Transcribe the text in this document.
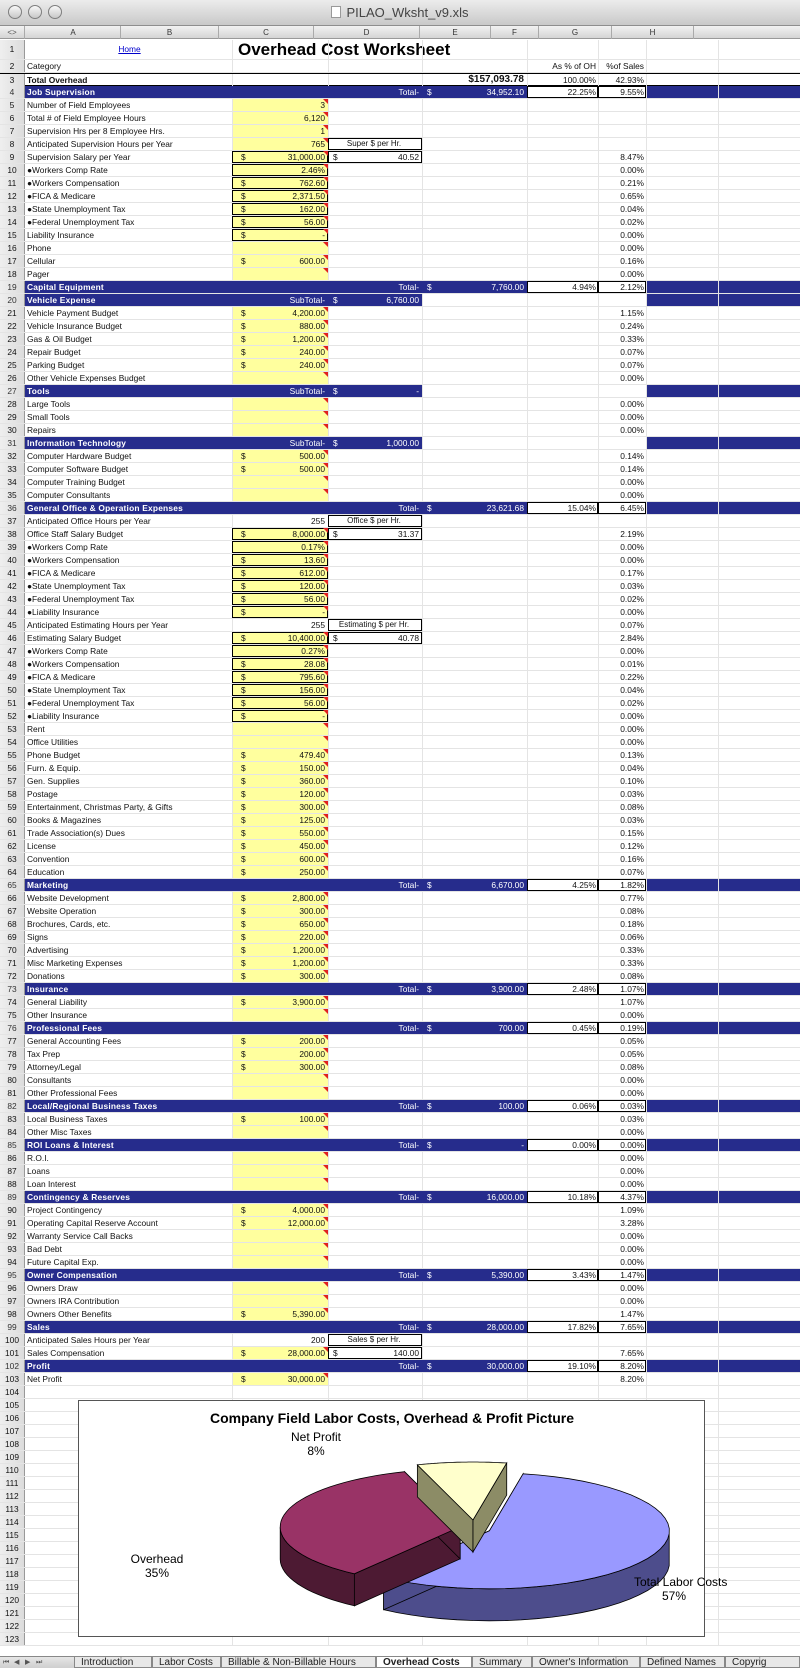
PILAO_Wksht_v9.xls
<>	A	B	C	D	E	F	G	H
1	Home	Overhead Cost Worksheet
2	Category	As % of OH	%of Sales
3	Total Overhead	$157,093.78	100.00%	42.93%
4	Job Supervision	Total- $	34,952.10	22.25%	9.55%
5	Number of Field Employees	3
6	Total # of Field Employee Hours	6,120
7	Supervision Hrs per 8 Employee Hrs.	1
8	Anticipated Supervision Hours per Year	765	Super $ per Hr.
9	Supervision Salary per Year	$	31,000.00 $	40.52	8.47%
10	●Workers Comp Rate	2.46%	0.00%
11	●Workers Compensation	$	762.60	0.21%
12	●FICA & Medicare	$	2,371.50	0.65%
13	●State Unemployment Tax	$	162.00	0.04%
14	●Federal Unemployment Tax	$	56.00	0.02%
15	Liability Insurance	$	-	0.00%
16	Phone	0.00%
17	Cellular	$	600.00	0.16%
18	Pager	0.00%
19	Capital Equipment	Total- $	7,760.00	4.94%	2.12%
20	Vehicle Expense	SubTotal- $	6,760.00
21	Vehicle Payment Budget	$	4,200.00	1.15%
22	Vehicle Insurance Budget	$	880.00	0.24%
23	Gas & Oil Budget	$	1,200.00	0.33%
24	Repair Budget	$	240.00	0.07%
25	Parking Budget	$	240.00	0.07%
26	Other Vehicle Expenses Budget	0.00%
27	Tools	SubTotal- $	-
28	Large Tools	0.00%
29	Small Tools	0.00%
30	Repairs	0.00%
31	Information Technology	SubTotal- $	1,000.00
32	Computer Hardware Budget	$	500.00	0.14%
33	Computer Software Budget	$	500.00	0.14%
34	Computer Training Budget	0.00%
35	Computer Consultants	0.00%
36	General Office & Operation Expenses	Total- $	23,621.68	15.04%	6.45%
37	Anticipated Office Hours per Year	255	Office $ per Hr.
38	Office Staff Salary Budget	$	8,000.00 $	31.37	2.19%
39	●Workers Comp Rate	0.17%	0.00%
40	●Workers Compensation	$	13.60	0.00%
41	●FICA & Medicare	$	612.00	0.17%
42	●State Unemployment Tax	$	120.00	0.03%
43	●Federal Unemployment Tax	$	56.00	0.02%
44	●Liability Insurance	$	-	0.00%
45	Anticipated Estimating Hours per Year	255	Estimating $ per Hr.	0.07%
46	Estimating Salary Budget	$	10,400.00 $	40.78	2.84%
47	●Workers Comp Rate	0.27%	0.00%
48	●Workers Compensation	$	28.08	0.01%
49	●FICA & Medicare	$	795.60	0.22%
50	●State Unemployment Tax	$	156.00	0.04%
51	●Federal Unemployment Tax	$	56.00	0.02%
52	●Liability Insurance	$	-	0.00%
53	Rent	0.00%
54	Office Utilities	0.00%
55	Phone Budget	$	479.40	0.13%
56	Furn. & Equip.	$	150.00	0.04%
57	Gen. Supplies	$	360.00	0.10%
58	Postage	$	120.00	0.03%
59	Entertainment, Christmas Party, & Gifts	$	300.00	0.08%
60	Books & Magazines	$	125.00	0.03%
61	Trade Association(s) Dues	$	550.00	0.15%
62	License	$	450.00	0.12%
63	Convention	$	600.00	0.16%
64	Education	$	250.00	0.07%
65	Marketing	Total- $	6,670.00	4.25%	1.82%
66	Website Development	$	2,800.00	0.77%
67	Website Operation	$	300.00	0.08%
68	Brochures, Cards, etc.	$	650.00	0.18%
69	Signs	$	220.00	0.06%
70	Advertising	$	1,200.00	0.33%
71	Misc Marketing Expenses	$	1,200.00	0.33%
72	Donations	$	300.00	0.08%
73	Insurance	Total- $	3,900.00	2.48%	1.07%
74	General Liability	$	3,900.00	1.07%
75	Other Insurance	0.00%
76	Professional Fees	Total- $	700.00	0.45%	0.19%
77	General Accounting Fees	$	200.00	0.05%
78	Tax Prep	$	200.00	0.05%
79	Attorney/Legal	$	300.00	0.08%
80	Consultants	0.00%
81	Other Professional Fees	0.00%
82	Local/Regional Business Taxes	Total- $	100.00	0.06%	0.03%
83	Local Business Taxes	$	100.00	0.03%
84	Other Misc Taxes	0.00%
85	ROI Loans & Interest	Total- $	-	0.00%	0.00%
86	R.O.I.	0.00%
87	Loans	0.00%
88	Loan Interest	0.00%
89	Contingency & Reserves	Total- $	16,000.00	10.18%	4.37%
90	Project Contingency	$	4,000.00	1.09%
91	Operating Capital Reserve Account	$	12,000.00	3.28%
92	Warranty Service Call Backs	0.00%
93	Bad Debt	0.00%
94	Future Capital Exp.	0.00%
95	Owner Compensation	Total- $	5,390.00	3.43%	1.47%
96	Owners Draw	0.00%
97	Owners IRA Contribution	0.00%
98	Owners Other Benefits	$	5,390.00	1.47%
99	Sales	Total- $	28,000.00	17.82%	7.65%
100 Anticipated Sales Hours per Year	200	Sales $ per Hr.
101 Sales Compensation	$	28,000.00 $	140.00	7.65%
102 Profit	Total- $	30,000.00	19.10%	8.20%
103 Net Profit	$	30,000.00	8.20%
104
105
106
107
108
109
110
111
112
113
114
115
116
117
118
119
120
121
122
123
Company Field Labor Costs, Overhead & Profit Picture
Total Labor Costs
57%
Overhead
35%
Net Profit
8%
⏮ ◀ ▶ ⏭	Introduction	Labor Costs	Billable & Non-Billable Hours	Overhead Costs	Summary	Owner's Information	Defined Names	Copyrig
